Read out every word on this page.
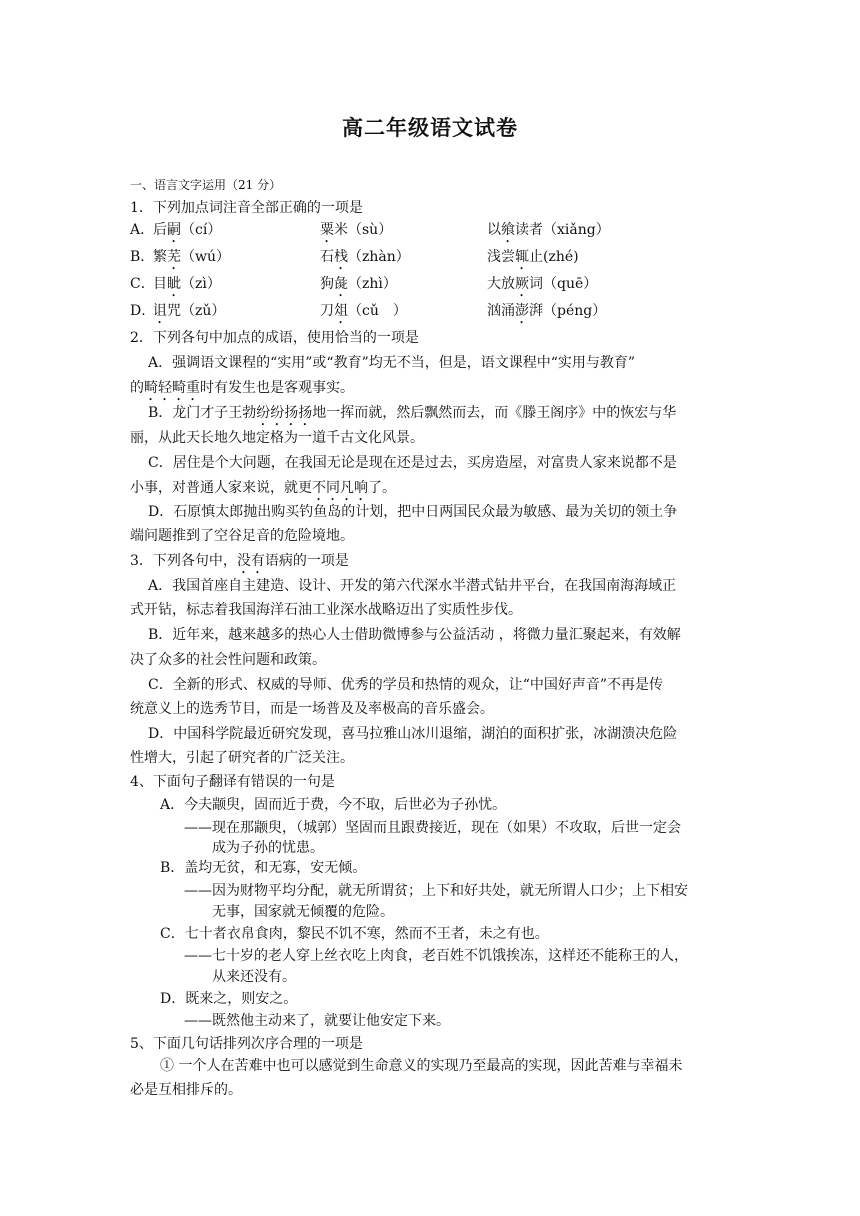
高二年级语文试卷
一、语言文字运用（21 分）
1．下列加点词注音全部正确的一项是
A．
后嗣（cí）	粟米（sù）	以飨读者（xiǎng）
B．
繁芜（wú）	石栈（zhàn）	浅尝辄止(zhé)
C．
目眦（zì）	狗彘（zhì）	大放厥词（quē）
D．
诅咒（zǔ）	刀俎（cǔ　）	汹涌澎湃（péng）
2．下列各句中加点的成语，使用恰当的一项是
A．强调语文课程的“实用”或“教育”均无不当，但是，语文课程中“实用与教育”
的畸轻畸重时有发生也是客观事实。
B．龙门才子王勃纷纷扬扬地一挥而就，然后飘然而去，而《滕王阁序》中的恢宏与华
丽，从此天长地久地定格为一道千古文化风景。
C．居住是个大问题，在我国无论是现在还是过去，买房造屋，对富贵人家来说都不是
小事，对普通人家来说，就更不同凡响了。
D．石原慎太郎抛出购买钓鱼岛的计划，把中日两国民众最为敏感、最为关切的领土争
端问题推到了空谷足音的危险境地。
3．下列各句中，没有语病的一项是
A．我国首座自主建造、设计、开发的第六代深水半潜式钻井平台，在我国南海海域正
式开钻，标志着我国海洋石油工业深水战略迈出了实质性步伐。
B．近年来，越来越多的热心人士借助微博参与公益活动 ，将微力量汇聚起来，有效解
决了众多的社会性问题和政策。
C．全新的形式、权威的导师、优秀的学员和热情的观众，让“中国好声音”不再是传
统意义上的选秀节目，而是一场普及及率极高的音乐盛会。
D．中国科学院最近研究发现，喜马拉雅山冰川退缩，湖泊的面积扩张，冰湖溃决危险
性增大，引起了研究者的广泛关注。
4、下面句子翻译有错误的一句是
A．今夫颛臾，固而近于费，今不取，后世必为子孙忧。
——现在那颛臾，（城郭）坚固而且跟费接近，现在（如果）不攻取，后世一定会
成为子孙的忧患。
B．盖均无贫，和无寡，安无倾。
——因为财物平均分配，就无所谓贫；上下和好共处，就无所谓人口少；上下相安
无事，国家就无倾覆的危险。
C．七十者衣帛食肉，黎民不饥不寒，然而不王者，未之有也。
——七十岁的老人穿上丝衣吃上肉食，老百姓不饥饿挨冻，这样还不能称王的人，
从来还没有。
D．既来之，则安之。
——既然他主动来了，就要让他安定下来。
5、下面几句话排列次序合理的一项是
① 一个人在苦难中也可以感觉到生命意义的实现乃至最高的实现，因此苦难与幸福未
必是互相排斥的。
